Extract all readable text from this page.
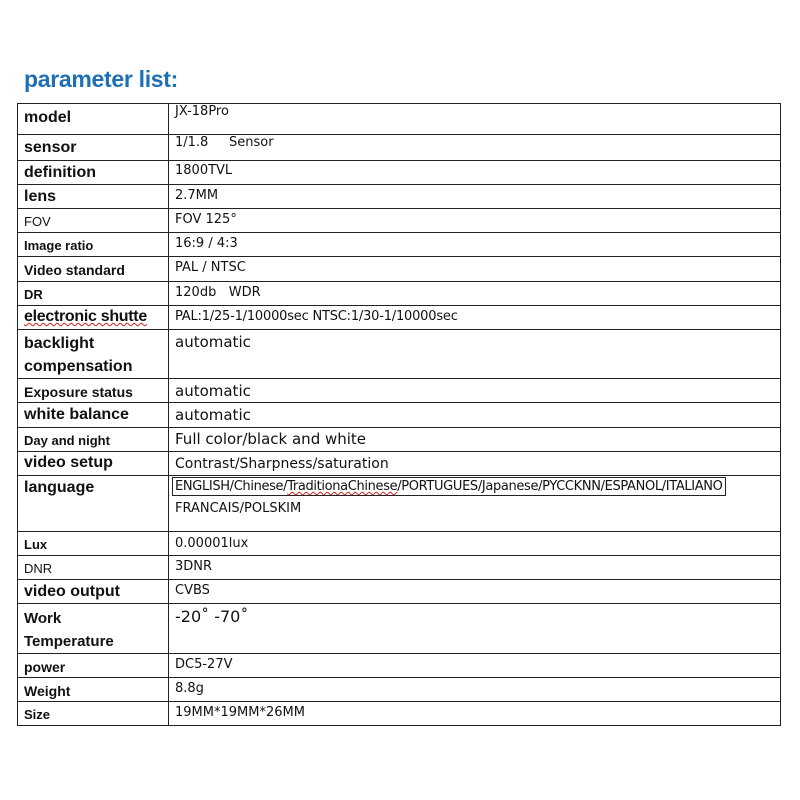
parameter list:
model	JX-18Pro
sensor	1/1.8     Sensor
definition	1800TVL
lens	2.7MM
FOV	FOV 125°
Image ratio	16:9 / 4:3
Video standard	PAL / NTSC
DR	120db   WDR
electronic shutte	PAL:1/25-1/10000sec NTSC:1/30-1/10000sec

backlight
compensation	automatic
Exposure status	automatic
white balance	automatic
Day and night	Full color/black and white
video setup	Contrast/Sharpness/saturation
language	ENGLISH/Chinese/TraditionaChinese/PORTUGUES/Japanese/PYCCKNN/ESPANOL/ITALIANO
FRANCAIS/POLSKIM
Lux	0.00001lux
DNR	3DNR
video output	CVBS

Work
Temperature	-20˚ -70˚
power	DC5-27V
Weight	8.8g
Size	19MM*19MM*26MM
